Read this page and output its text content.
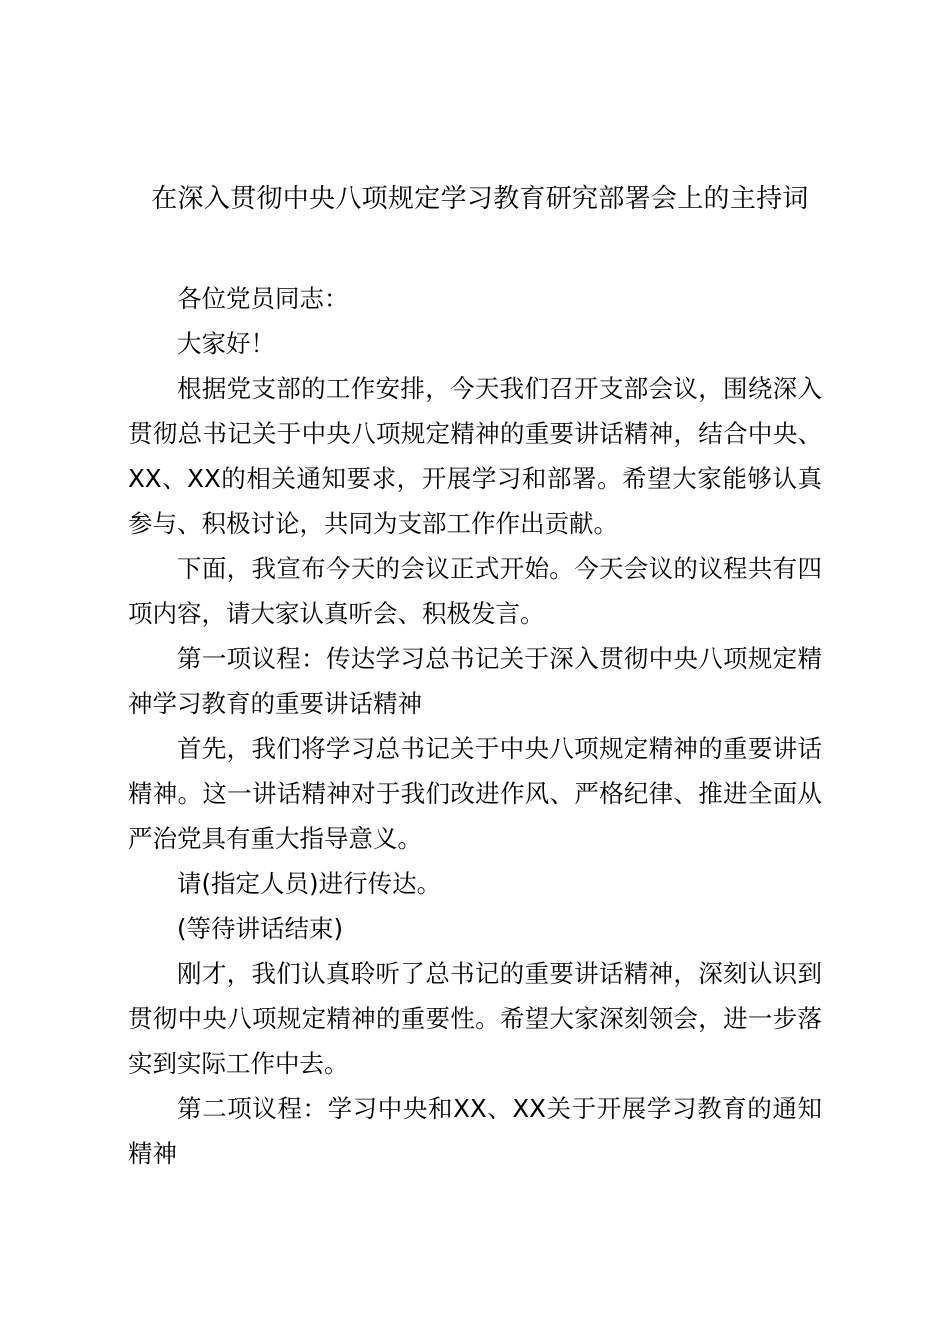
在深入贯彻中央八项规定学习教育研究部署会上的主持词

各位党员同志：

大家好！

根据党支部的工作安排，今天我们召开支部会议，围绕深入贯彻总书记关于中央八项规定精神的重要讲话精神，结合中央、XX、XX的相关通知要求，开展学习和部署。希望大家能够认真参与、积极讨论，共同为支部工作作出贡献。

下面，我宣布今天的会议正式开始。今天会议的议程共有四项内容，请大家认真听会、积极发言。

第一项议程：传达学习总书记关于深入贯彻中央八项规定精神学习教育的重要讲话精神

首先，我们将学习总书记关于中央八项规定精神的重要讲话精神。这一讲话精神对于我们改进作风、严格纪律、推进全面从严治党具有重大指导意义。

请(指定人员)进行传达。

(等待讲话结束)

刚才，我们认真聆听了总书记的重要讲话精神，深刻认识到贯彻中央八项规定精神的重要性。希望大家深刻领会，进一步落实到实际工作中去。

第二项议程：学习中央和XX、XX关于开展学习教育的通知精神
